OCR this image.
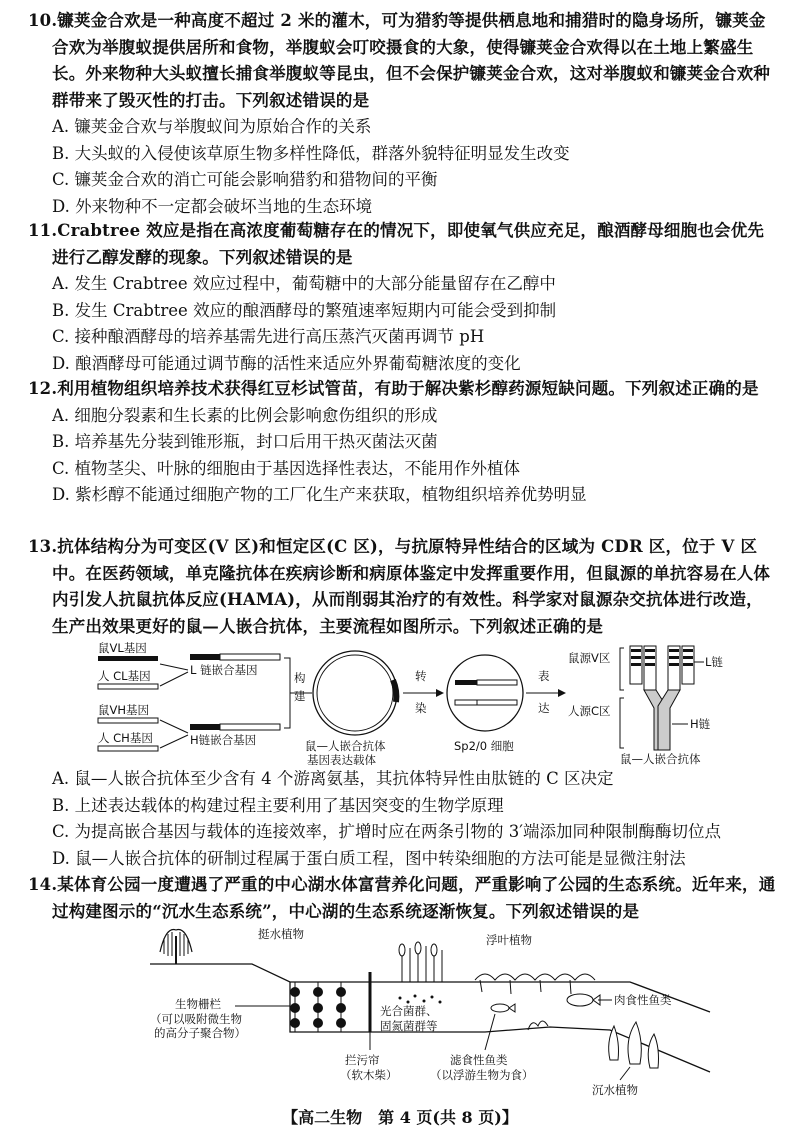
10.镰荚金合欢是一种高度不超过 2 米的灌木，可为猎豹等提供栖息地和捕猎时的隐身场所，镰荚金合欢为举腹蚁提供居所和食物，举腹蚁会叮咬摄食的大象，使得镰荚金合欢得以在土地上繁盛生长。外来物种大头蚁擅长捕食举腹蚁等昆虫，但不会保护镰荚金合欢，这对举腹蚁和镰荚金合欢种群带来了毁灭性的打击。下列叙述错误的是
A. 镰荚金合欢与举腹蚁间为原始合作的关系
B. 大头蚁的入侵使该草原生物多样性降低，群落外貌特征明显发生改变
C. 镰荚金合欢的消亡可能会影响猎豹和猎物间的平衡
D. 外来物种不一定都会破坏当地的生态环境
11.Crabtree 效应是指在高浓度葡萄糖存在的情况下，即使氧气供应充足，酿酒酵母细胞也会优先进行乙醇发酵的现象。下列叙述错误的是
A. 发生 Crabtree 效应过程中，葡萄糖中的大部分能量留存在乙醇中
B. 发生 Crabtree 效应的酿酒酵母的繁殖速率短期内可能会受到抑制
C. 接种酿酒酵母的培养基需先进行高压蒸汽灭菌再调节 pH
D. 酿酒酵母可能通过调节酶的活性来适应外界葡萄糖浓度的变化
12.利用植物组织培养技术获得红豆杉试管苗，有助于解决紫杉醇药源短缺问题。下列叙述正确的是
A. 细胞分裂素和生长素的比例会影响愈伤组织的形成
B. 培养基先分装到锥形瓶，封口后用干热灭菌法灭菌
C. 植物茎尖、叶脉的细胞由于基因选择性表达，不能用作外植体
D. 紫杉醇不能通过细胞产物的工厂化生产来获取，植物组织培养优势明显
13.抗体结构分为可变区(V 区)和恒定区(C 区)，与抗原特异性结合的区域为 CDR 区，位于 V 区中。在医药领域，单克隆抗体在疾病诊断和病原体鉴定中发挥重要作用，但鼠源的单抗容易在人体内引发人抗鼠抗体反应(HAMA)，从而削弱其治疗的有效性。科学家对鼠源杂交抗体进行改造，生产出效果更好的鼠—人嵌合抗体，主要流程如图所示。下列叙述正确的是
鼠VL基因
人 CL基因
鼠VH基因
人 CH基因
L 链嵌合基因
H链嵌合基因
构
建
鼠—人嵌合抗体
基因表达载体
转
染
Sp2/0 细胞
表
达
鼠源V区
人源C区
L链
H链
鼠—人嵌合抗体
A. 鼠—人嵌合抗体至少含有 4 个游离氨基，其抗体特异性由肽链的 C 区决定
B. 上述表达载体的构建过程主要利用了基因突变的生物学原理
C. 为提高嵌合基因与载体的连接效率，扩增时应在两条引物的 3′端添加同种限制酶酶切位点
D. 鼠—人嵌合抗体的研制过程属于蛋白质工程，图中转染细胞的方法可能是显微注射法
14.某体育公园一度遭遇了严重的中心湖水体富营养化问题，严重影响了公园的生态系统。近年来，通过构建图示的“沉水生态系统”，中心湖的生态系统逐渐恢复。下列叙述错误的是
挺水植物	浮叶植物
生物栅栏
（可以吸附微生物
的高分子聚合物）
光合菌群、
固氮菌群等
肉食性鱼类
拦污帘
（软木柴）
滤食性鱼类
（以浮游生物为食）
沉水植物
【高二生物　第 4 页(共 8 页)】
